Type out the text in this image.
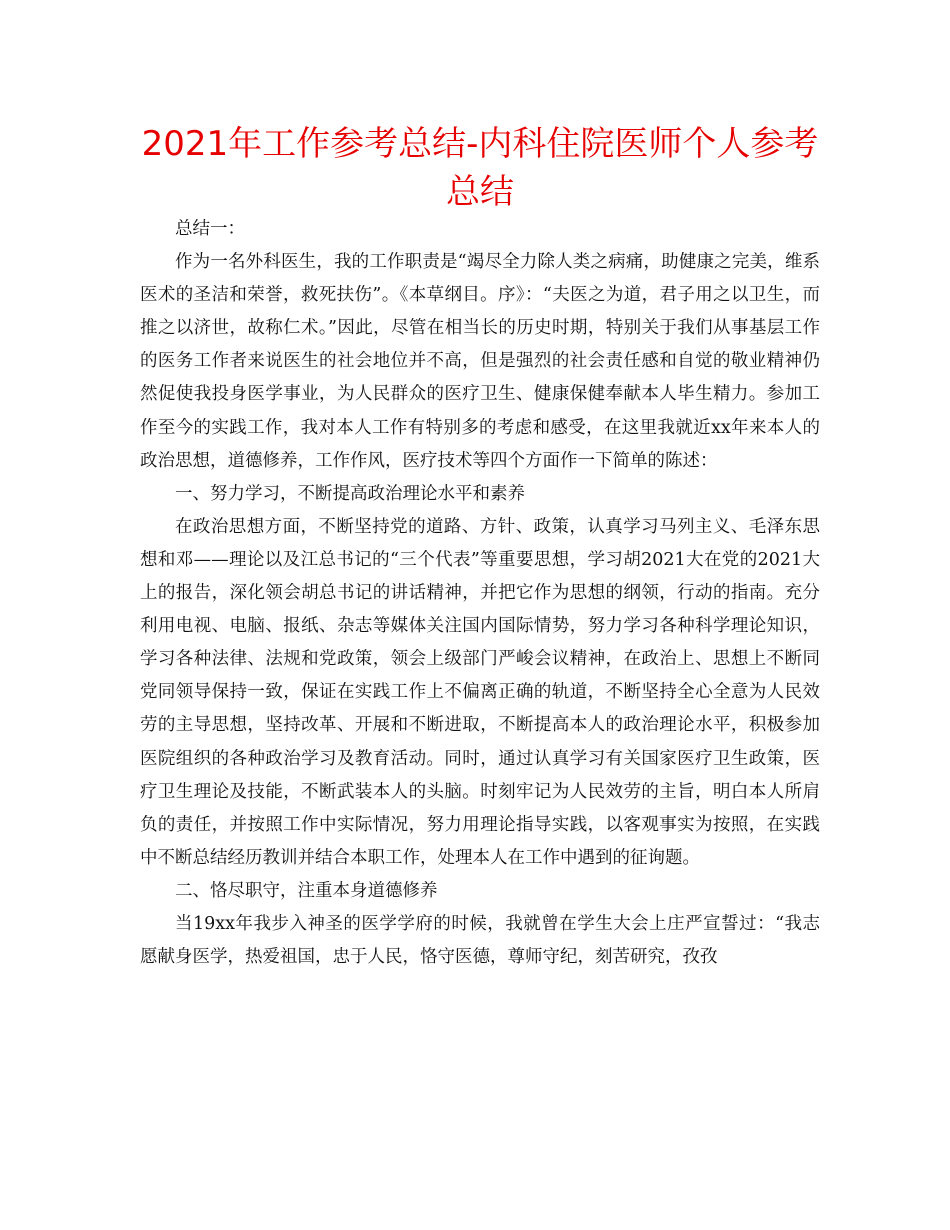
2021年工作参考总结-内科住院医师个人参考总结

总结一：

作为一名外科医生，我的工作职责是“竭尽全力除人类之病痛，助健康之完美，维系医术的圣洁和荣誉，救死扶伤”。《本草纲目。序》：“夫医之为道，君子用之以卫生，而推之以济世，故称仁术。”因此，尽管在相当长的历史时期，特别关于我们从事基层工作的医务工作者来说医生的社会地位并不高，但是强烈的社会责任感和自觉的敬业精神仍然促使我投身医学事业，为人民群众的医疗卫生、健康保健奉献本人毕生精力。参加工作至今的实践工作，我对本人工作有特别多的考虑和感受，在这里我就近xx年来本人的政治思想，道德修养，工作作风，医疗技术等四个方面作一下简单的陈述：

一、努力学习，不断提高政治理论水平和素养

在政治思想方面，不断坚持党的道路、方针、政策，认真学习马列主义、毛泽东思想和邓——理论以及江总书记的“三个代表”等重要思想，学习胡2021大在党的2021大上的报告，深化领会胡总书记的讲话精神，并把它作为思想的纲领，行动的指南。充分利用电视、电脑、报纸、杂志等媒体关注国内国际情势，努力学习各种科学理论知识，学习各种法律、法规和党政策，领会上级部门严峻会议精神，在政治上、思想上不断同党同领导保持一致，保证在实践工作上不偏离正确的轨道，不断坚持全心全意为人民效劳的主导思想，坚持改革、开展和不断进取，不断提高本人的政治理论水平，积极参加医院组织的各种政治学习及教育活动。同时，通过认真学习有关国家医疗卫生政策，医疗卫生理论及技能，不断武装本人的头脑。时刻牢记为人民效劳的主旨，明白本人所肩负的责任，并按照工作中实际情况，努力用理论指导实践，以客观事实为按照，在实践中不断总结经历教训并结合本职工作，处理本人在工作中遇到的征询题。

二、恪尽职守，注重本身道德修养

当19xx年我步入神圣的医学学府的时候，我就曾在学生大会上庄严宣誓过：“我志愿献身医学，热爱祖国，忠于人民，恪守医德，尊师守纪，刻苦研究，孜孜
